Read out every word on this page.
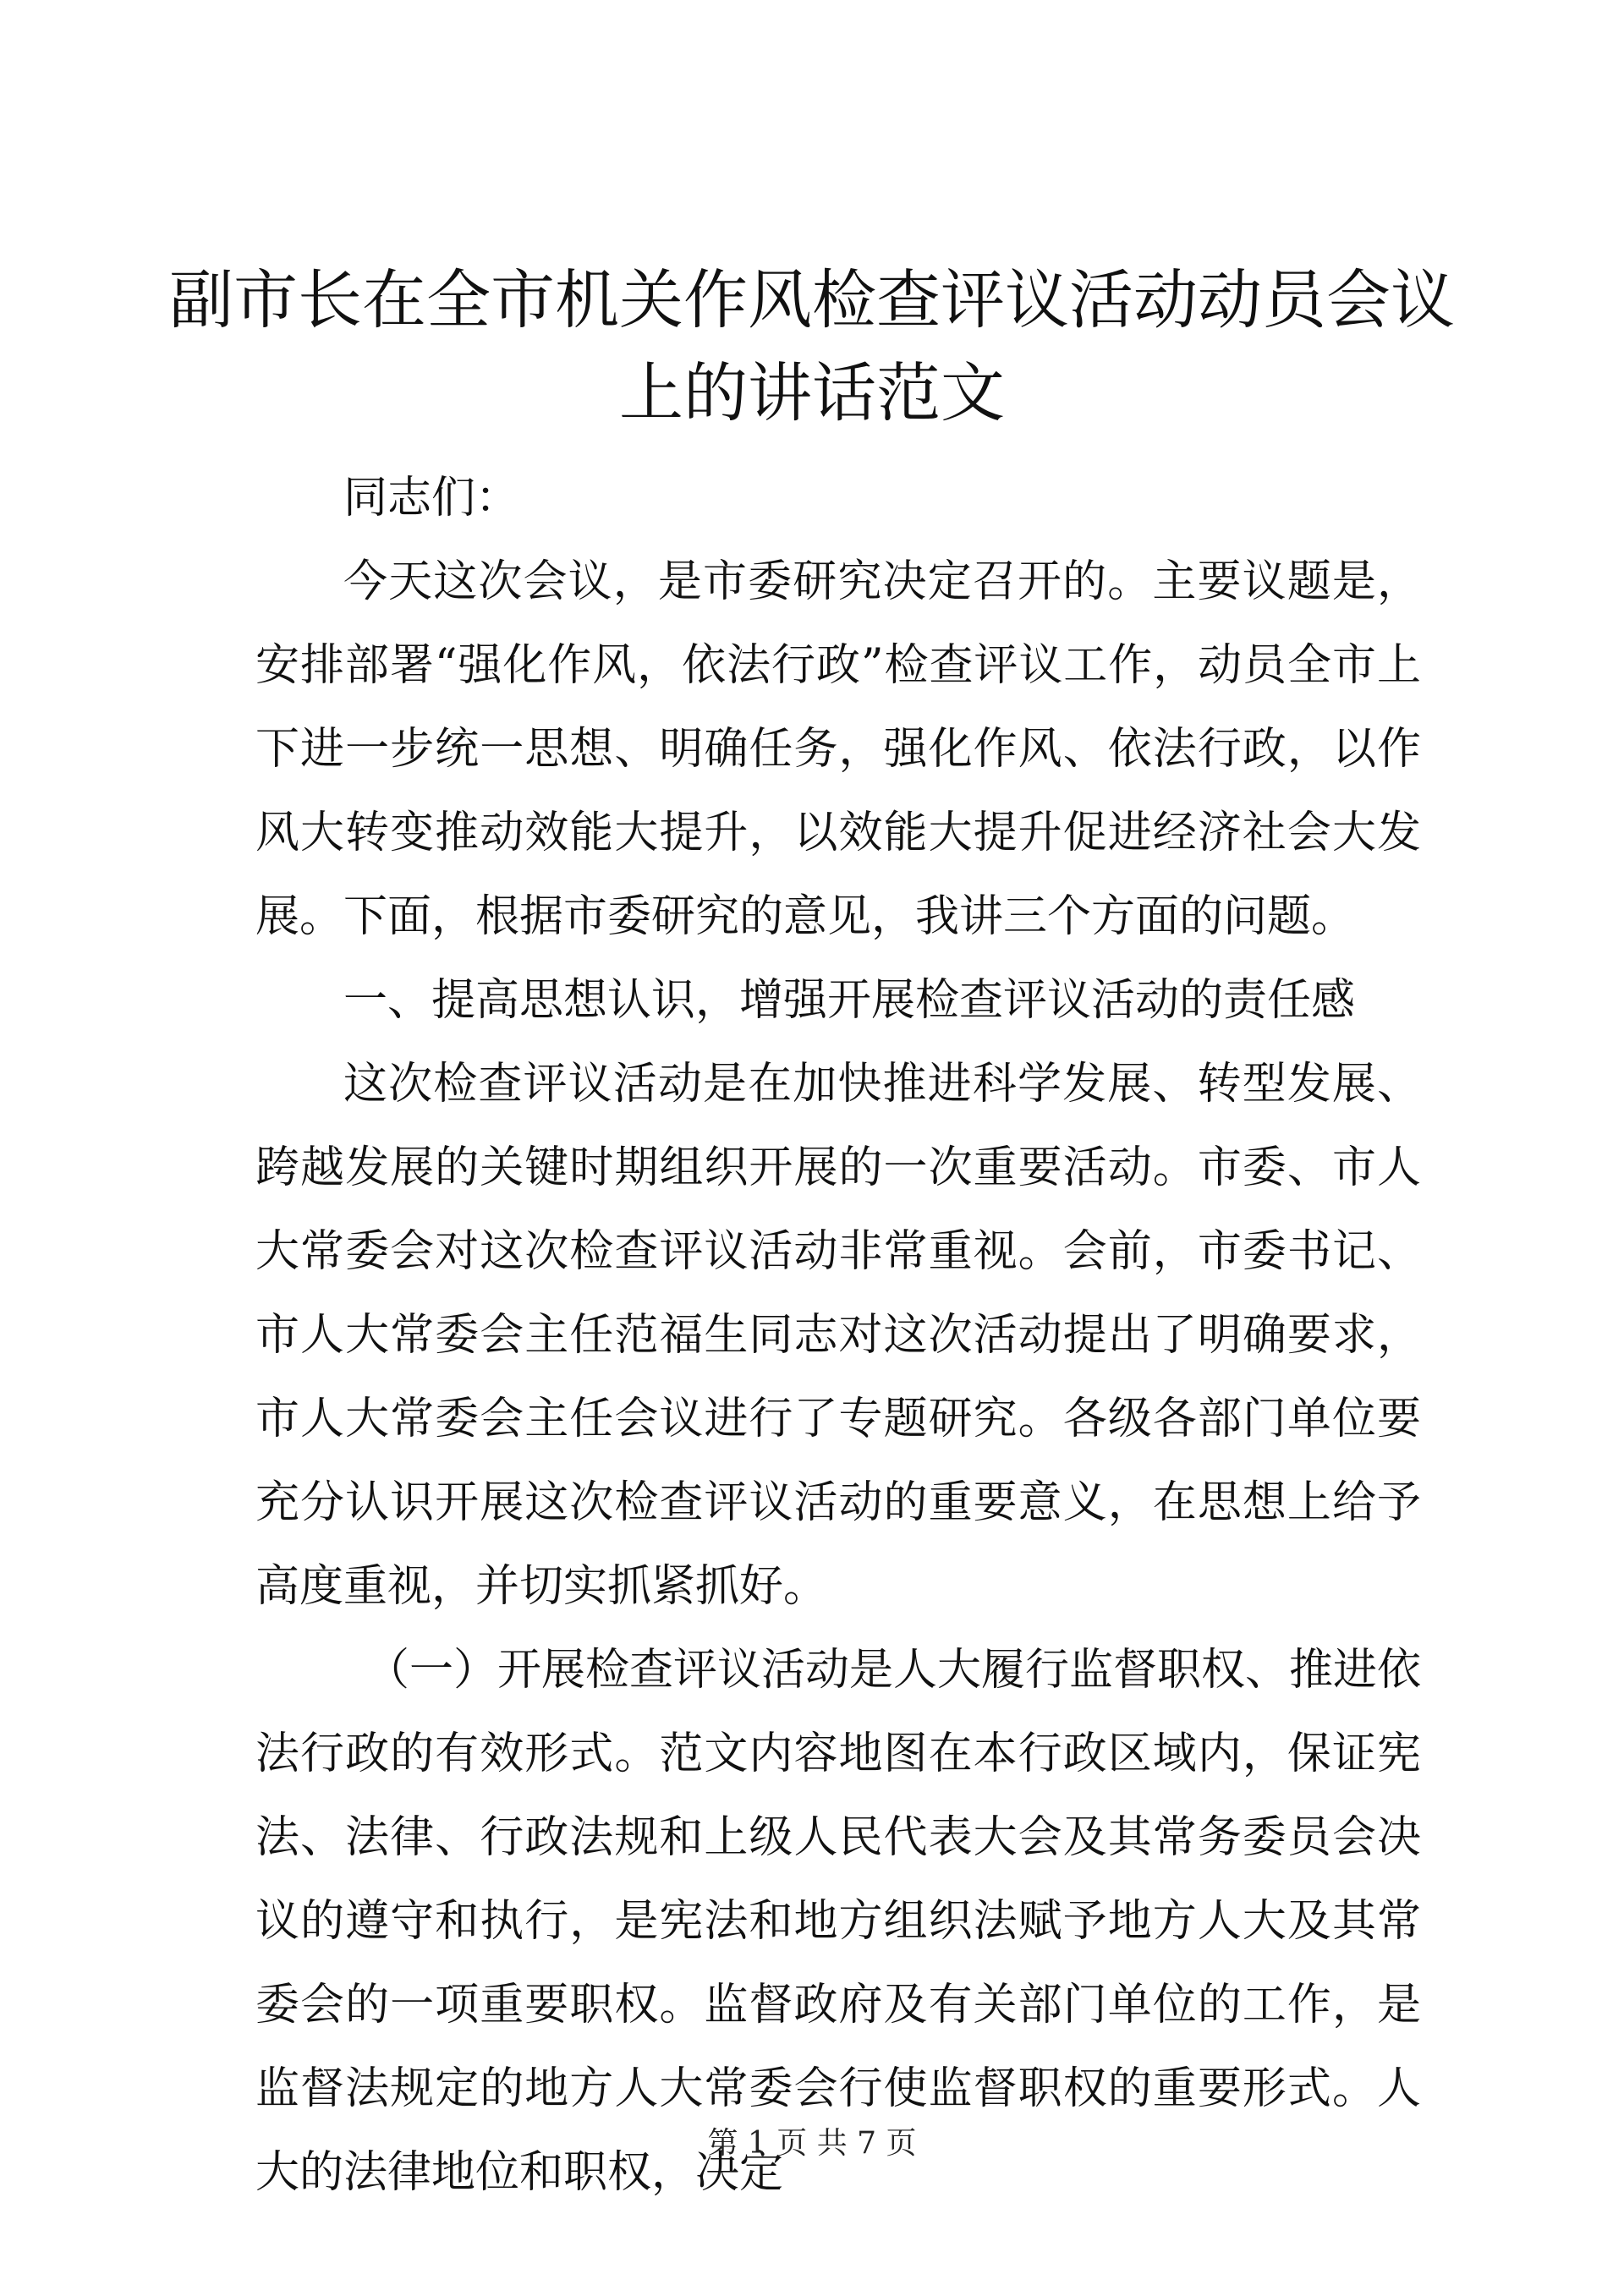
副市长在全市机关作风检查评议活动动员会议上的讲话范文

同志们：

今天这次会议，是市委研究决定召开的。主要议题是，安排部署“强化作风，依法行政”检查评议工作，动员全市上下进一步统一思想、明确任务，强化作风、依法行政，以作风大转变推动效能大提升，以效能大提升促进经济社会大发展。下面，根据市委研究的意见，我讲三个方面的问题。

一、提高思想认识，增强开展检查评议活动的责任感

这次检查评议活动是在加快推进科学发展、转型发展、跨越发展的关键时期组织开展的一次重要活动。市委、市人大常委会对这次检查评议活动非常重视。会前，市委书记、市人大常委会主任范福生同志对这次活动提出了明确要求，市人大常委会主任会议进行了专题研究。各级各部门单位要充分认识开展这次检查评议活动的重要意义，在思想上给予高度重视，并切实抓紧抓好。

（一）开展检查评议活动是人大履行监督职权、推进依法行政的有效形式。范文内容地图在本行政区域内，保证宪法、法律、行政法规和上级人民代表大会及其常务委员会决议的遵守和执行，是宪法和地方组织法赋予地方人大及其常委会的一项重要职权。监督政府及有关部门单位的工作，是监督法规定的地方人大常委会行使监督职权的重要形式。人大的法律地位和职权，决定

第 1 页 共 7 页
